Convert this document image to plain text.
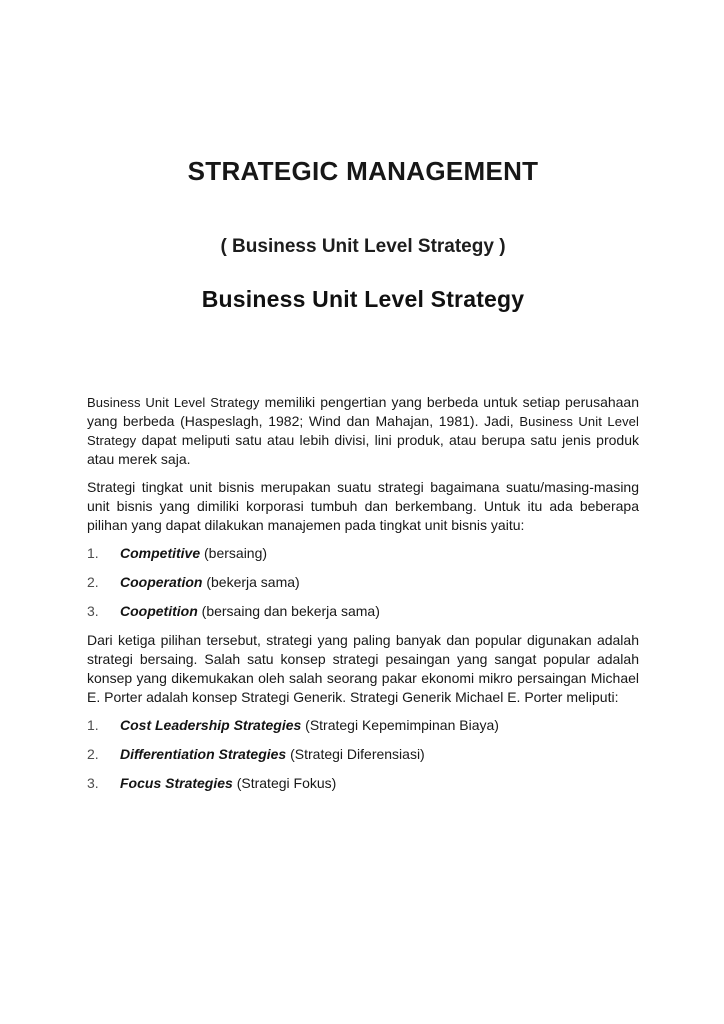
STRATEGIC MANAGEMENT
( Business Unit Level Strategy )
Business Unit Level Strategy

Business Unit Level Strategy memiliki pengertian yang berbeda untuk setiap perusahaan yang berbeda (Haspeslagh, 1982; Wind dan Mahajan, 1981). Jadi, Business Unit Level Strategy dapat meliputi satu atau lebih divisi, lini produk, atau berupa satu jenis produk atau merek saja.

Strategi tingkat unit bisnis merupakan suatu strategi bagaimana suatu/masing-masing unit bisnis yang dimiliki korporasi tumbuh dan berkembang. Untuk itu ada beberapa pilihan yang dapat dilakukan manajemen pada tingkat unit bisnis yaitu:

1.	Competitive (bersaing)
2.	Cooperation (bekerja sama)
3.	Coopetition (bersaing dan bekerja sama)

Dari ketiga pilihan tersebut, strategi yang paling banyak dan popular digunakan adalah strategi bersaing. Salah satu konsep strategi pesaingan yang sangat popular adalah konsep yang dikemukakan oleh salah seorang pakar ekonomi mikro persaingan Michael E. Porter adalah konsep Strategi Generik. Strategi Generik Michael E. Porter meliputi:

1.	Cost Leadership Strategies (Strategi Kepemimpinan Biaya)
2.	Differentiation Strategies (Strategi Diferensiasi)
3.	Focus Strategies (Strategi Fokus)
